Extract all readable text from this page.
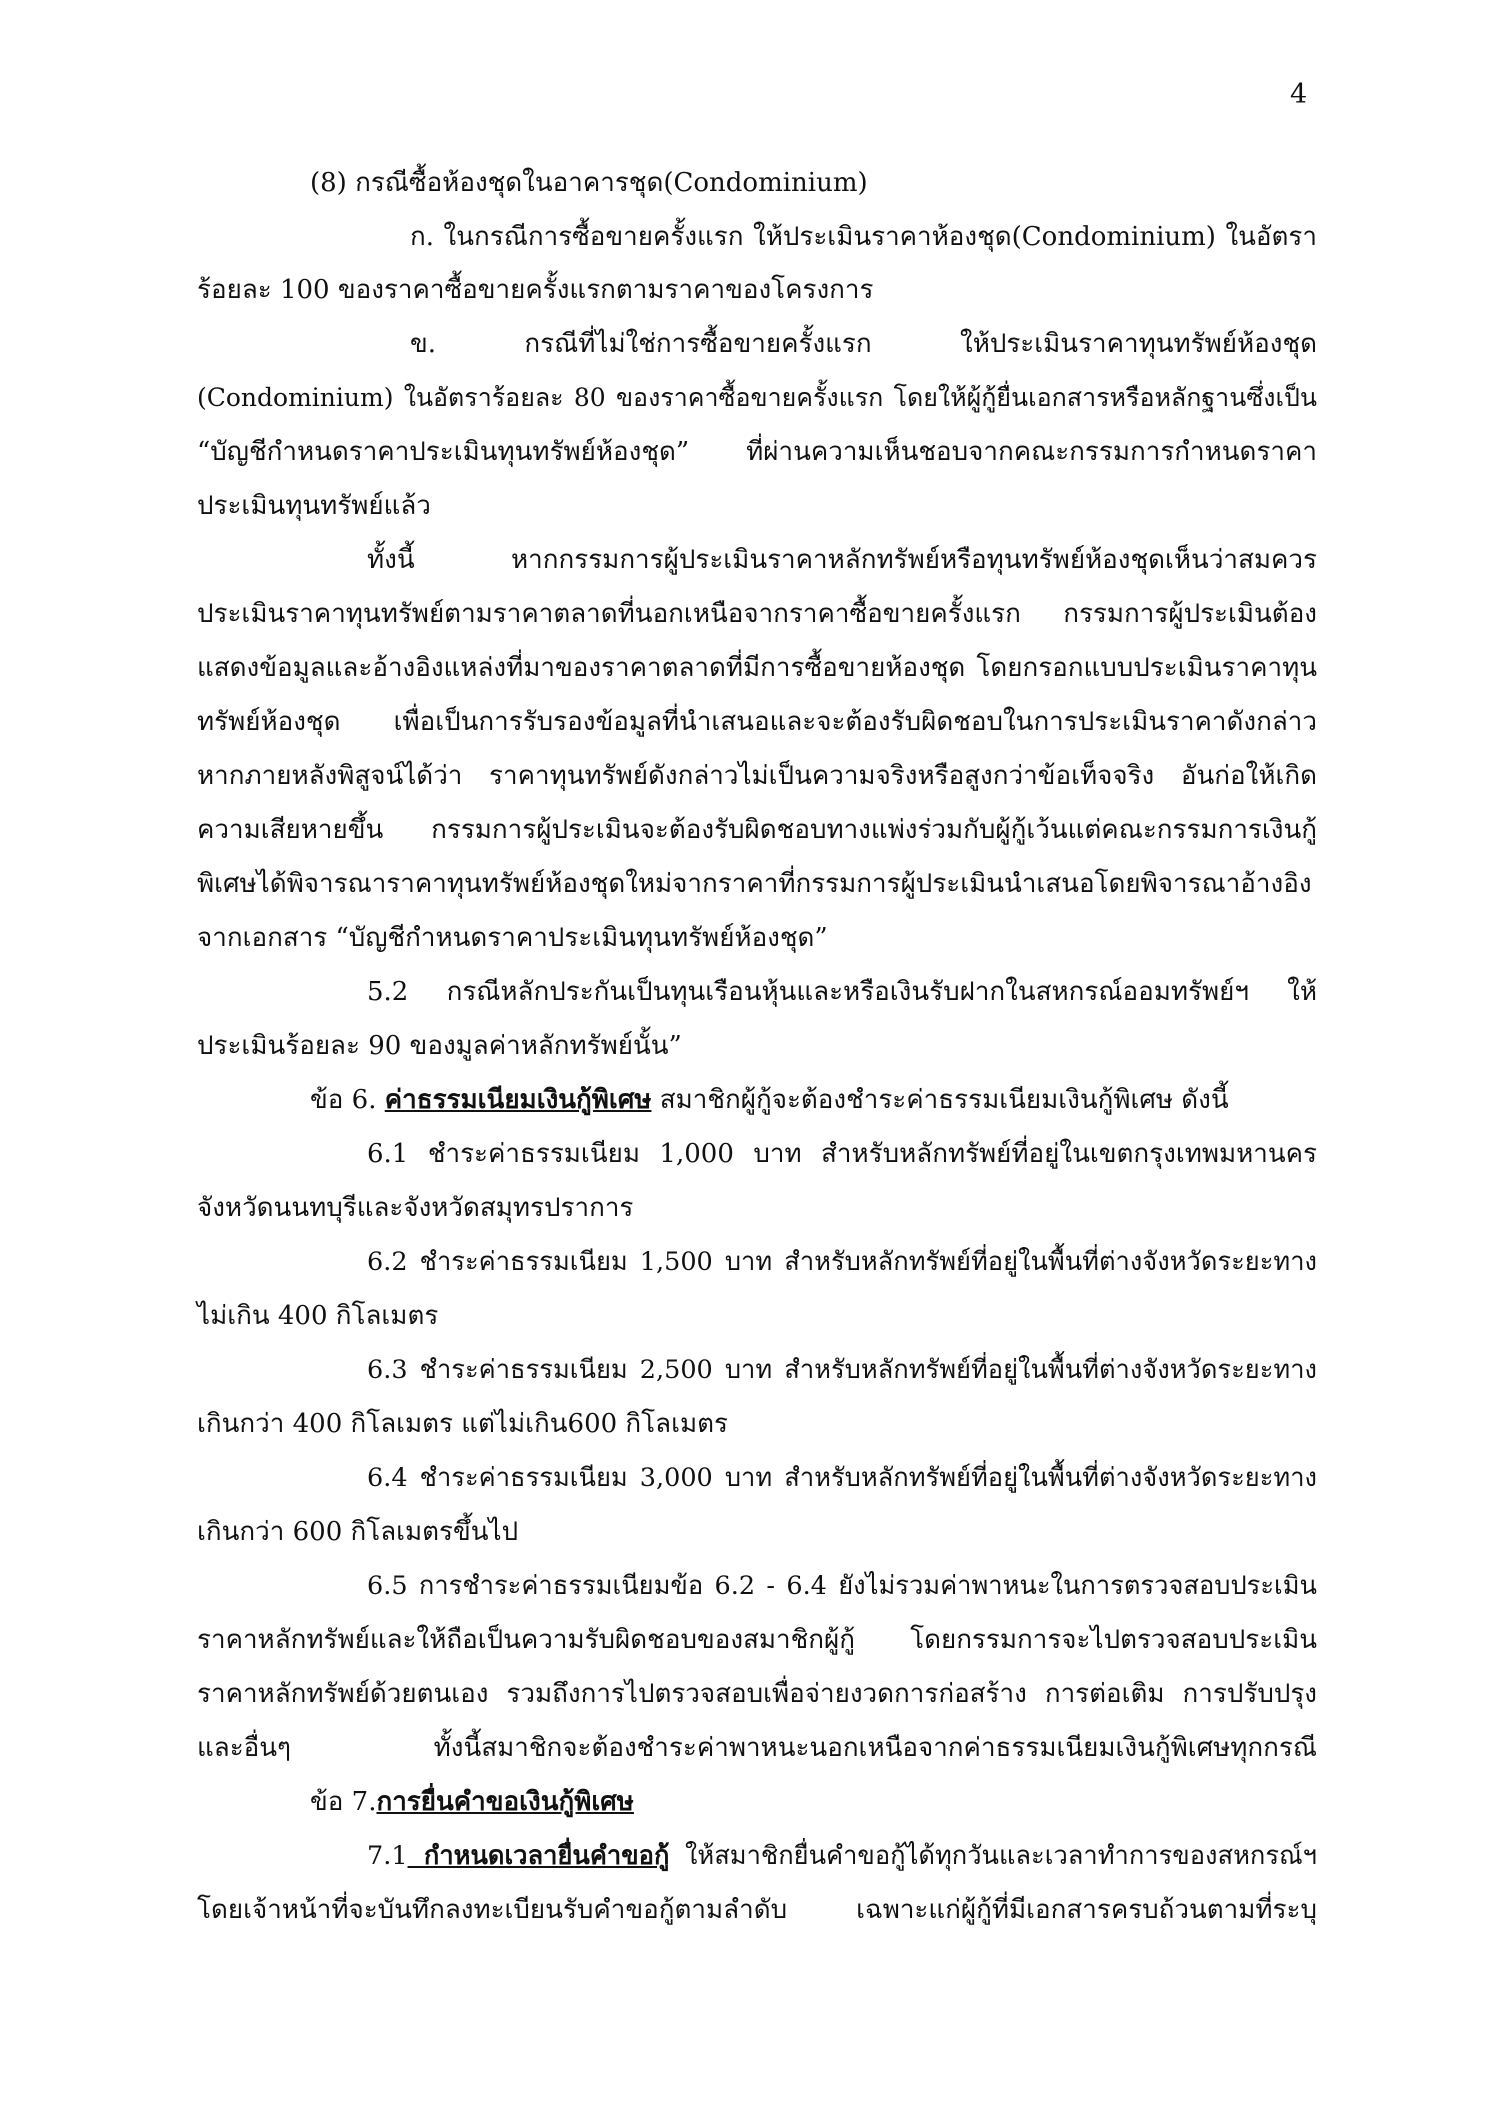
4
(8) กรณีซื้อห้องชุดในอาคารชุด(Condominium)
ก. ในกรณีการซื้อขายครั้งแรก ให้ประเมินราคาห้องชุด(Condominium) ในอัตรา
ร้อยละ 100 ของราคาซื้อขายครั้งแรกตามราคาของโครงการ
ข. กรณีที่ไม่ใช่การซื้อขายครั้งแรก ให้ประเมินราคาทุนทรัพย์ห้องชุด
(Condominium) ในอัตราร้อยละ 80 ของราคาซื้อขายครั้งแรก โดยให้ผู้กู้ยื่นเอกสารหรือหลักฐานซึ่งเป็น
“บัญชีกำหนดราคาประเมินทุนทรัพย์ห้องชุด” ที่ผ่านความเห็นชอบจากคณะกรรมการกำหนดราคา
ประเมินทุนทรัพย์แล้ว
ทั้งนี้ หากกรรมการผู้ประเมินราคาหลักทรัพย์หรือทุนทรัพย์ห้องชุดเห็นว่าสมควร
ประเมินราคาทุนทรัพย์ตามราคาตลาดที่นอกเหนือจากราคาซื้อขายครั้งแรก กรรมการผู้ประเมินต้อง
แสดงข้อมูลและอ้างอิงแหล่งที่มาของราคาตลาดที่มีการซื้อขายห้องชุด โดยกรอกแบบประเมินราคาทุน
ทรัพย์ห้องชุด เพื่อเป็นการรับรองข้อมูลที่นำเสนอและจะต้องรับผิดชอบในการประเมินราคาดังกล่าว
หากภายหลังพิสูจน์ได้ว่า ราคาทุนทรัพย์ดังกล่าวไม่เป็นความจริงหรือสูงกว่าข้อเท็จจริง อันก่อให้เกิด
ความเสียหายขึ้น กรรมการผู้ประเมินจะต้องรับผิดชอบทางแพ่งร่วมกับผู้กู้เว้นแต่คณะกรรมการเงินกู้
พิเศษได้พิจารณาราคาทุนทรัพย์ห้องชุดใหม่จากราคาที่กรรมการผู้ประเมินนำเสนอโดยพิจารณาอ้างอิง
จากเอกสาร “บัญชีกำหนดราคาประเมินทุนทรัพย์ห้องชุด”
5.2 กรณีหลักประกันเป็นทุนเรือนหุ้นและหรือเงินรับฝากในสหกรณ์ออมทรัพย์ฯ ให้
ประเมินร้อยละ 90 ของมูลค่าหลักทรัพย์นั้น”
ข้อ 6. ค่าธรรมเนียมเงินกู้พิเศษ สมาชิกผู้กู้จะต้องชำระค่าธรรมเนียมเงินกู้พิเศษ ดังนี้
6.1 ชำระค่าธรรมเนียม 1,000 บาท สำหรับหลักทรัพย์ที่อยู่ในเขตกรุงเทพมหานคร
จังหวัดนนทบุรีและจังหวัดสมุทรปราการ
6.2 ชำระค่าธรรมเนียม 1,500 บาท สำหรับหลักทรัพย์ที่อยู่ในพื้นที่ต่างจังหวัดระยะทาง
ไม่เกิน 400 กิโลเมตร
6.3 ชำระค่าธรรมเนียม 2,500 บาท สำหรับหลักทรัพย์ที่อยู่ในพื้นที่ต่างจังหวัดระยะทาง
เกินกว่า 400 กิโลเมตร แต่ไม่เกิน600 กิโลเมตร
6.4 ชำระค่าธรรมเนียม 3,000 บาท สำหรับหลักทรัพย์ที่อยู่ในพื้นที่ต่างจังหวัดระยะทาง
เกินกว่า 600 กิโลเมตรขึ้นไป
6.5 การชำระค่าธรรมเนียมข้อ 6.2 - 6.4 ยังไม่รวมค่าพาหนะในการตรวจสอบประเมิน
ราคาหลักทรัพย์และให้ถือเป็นความรับผิดชอบของสมาชิกผู้กู้ โดยกรรมการจะไปตรวจสอบประเมิน
ราคาหลักทรัพย์ด้วยตนเอง รวมถึงการไปตรวจสอบเพื่อจ่ายงวดการก่อสร้าง การต่อเติม การปรับปรุง
และอื่นๆ ทั้งนี้สมาชิกจะต้องชำระค่าพาหนะนอกเหนือจากค่าธรรมเนียมเงินกู้พิเศษทุกกรณี
ข้อ 7.การยื่นคำขอเงินกู้พิเศษ
7.1 กำหนดเวลายื่นคำขอกู้ ให้สมาชิกยื่นคำขอกู้ได้ทุกวันและเวลาทำการของสหกรณ์ฯ
โดยเจ้าหน้าที่จะบันทึกลงทะเบียนรับคำขอกู้ตามลำดับ เฉพาะแก่ผู้กู้ที่มีเอกสารครบถ้วนตามที่ระบุ
